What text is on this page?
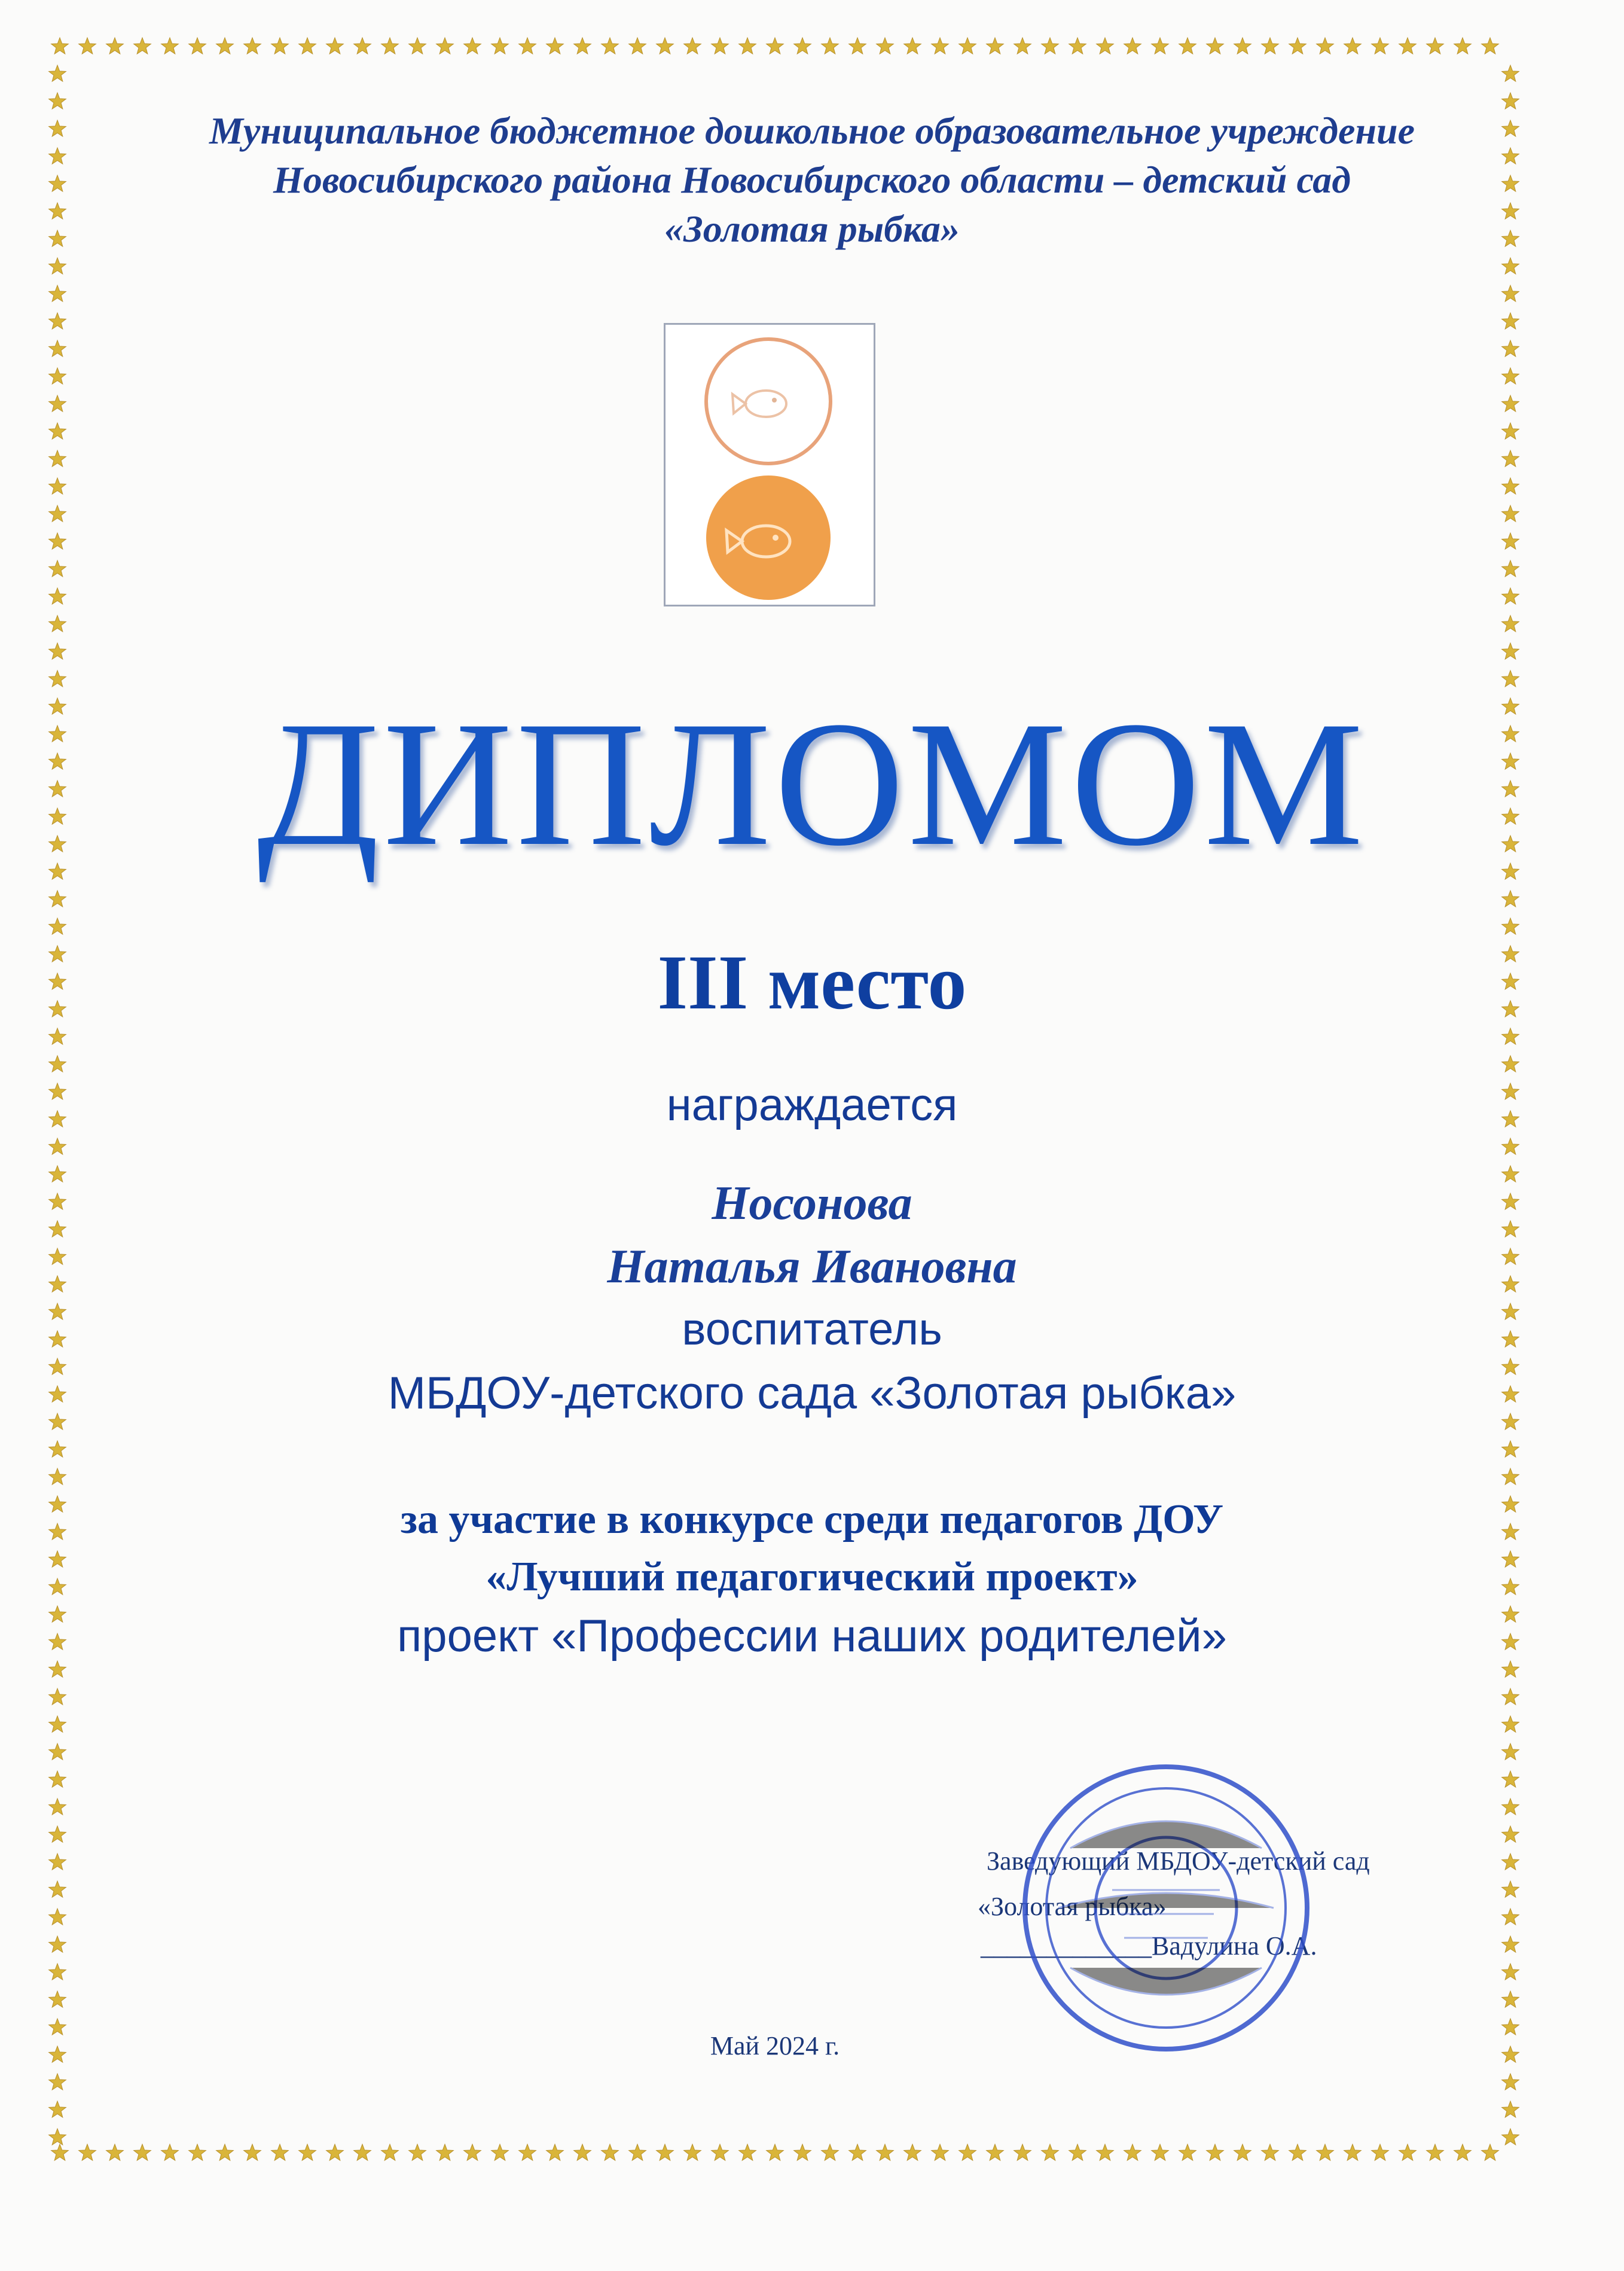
Муниципальное бюджетное дошкольное образовательное учреждение
Новосибирского района Новосибирского области – детский сад
«Золотая рыбка»
ДИПЛОМОМ
III место
награждается
Носонова
Наталья Ивановна
воспитатель
МБДОУ-детского сада «Золотая рыбка»
за участие в конкурсе среди педагогов ДОУ
«Лучший педагогический проект»
проект «Профессии наших родителей»
Заведующий МБДОУ-детский сад
«Золотая рыбка»
_____________Вадулина О.А.
Май 2024 г.
